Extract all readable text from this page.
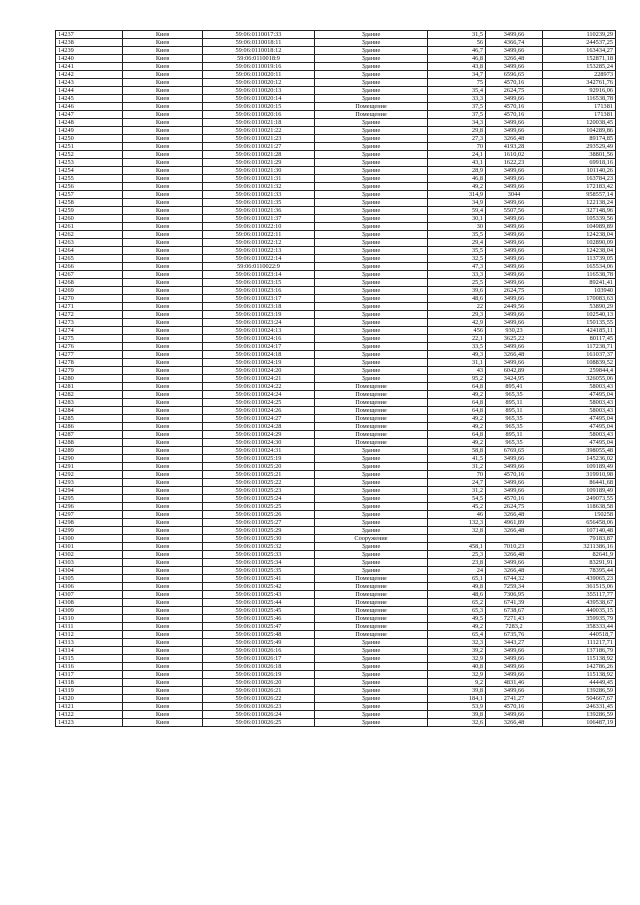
14237	Киев	59:06:0110017:33	Здание	31,5	3499,66	110239,29
14238	Киев	59:06:0110018:11	Здание	56	4366,74	244537,25
14239	Киев	59:06:0110018:12	Здание	46,7	3499,66	163434,27
14240	Киев	59:06:0110018:9	Здание	46,8	3266,48	152871,18
14241	Киев	59:06:0110019:16	Здание	43,8	3499,66	153285,24
14242	Киев	59:06:0110020:11	Здание	34,7	6596,65	228973
14243	Киев	59:06:0110020:12	Здание	75	4570,16	342761,76
14244	Киев	59:06:0110020:13	Здание	35,4	2624,75	92916,06
14245	Киев	59:06:0110020:14	Здание	33,3	3499,66	116538,78
14246	Киев	59:06:0110020:15	Помещение	37,5	4570,16	171381
14247	Киев	59:06:0110020:16	Помещение	37,5	4570,16	171381
14248	Киев	59:06:0110021:18	Здание	34,3	3499,66	120038,45
14249	Киев	59:06:0110021:22	Здание	29,8	3499,66	104289,86
14250	Киев	59:06:0110021:23	Здание	27,3	3266,48	89174,85
14251	Киев	59:06:0110021:27	Здание	70	4193,28	293529,49
14252	Киев	59:06:0110021:28	Здание	24,1	1610,02	38801,56
14253	Киев	59:06:0110021:29	Здание	43,1	1622,23	69918,16
14254	Киев	59:06:0110021:30	Здание	28,9	3499,66	101140,26
14255	Киев	59:06:0110021:31	Здание	46,8	3499,66	163784,23
14256	Киев	59:06:0110021:32	Здание	49,2	3499,66	172183,42
14257	Киев	59:06:0110021:33	Здание	314,9	3044	958557,14
14258	Киев	59:06:0110021:35	Здание	34,9	3499,66	122138,24
14259	Киев	59:06:0110021:36	Здание	59,4	5507,56	327148,96
14260	Киев	59:06:0110021:37	Здание	30,1	3499,66	105339,56
14261	Киев	59:06:0110022:10	Здание	30	3499,66	104989,89
14262	Киев	59:06:0110022:11	Здание	35,5	3499,66	124238,04
14263	Киев	59:06:0110022:12	Здание	29,4	3499,66	102890,09
14264	Киев	59:06:0110022:13	Здание	35,5	3499,66	124238,04
14265	Киев	59:06:0110022:14	Здание	32,5	3499,66	113739,05
14266	Киев	59:06:0110022:9	Здание	47,3	3499,66	165534,06
14267	Киев	59:06:0110023:14	Здание	33,3	3499,66	116538,78
14268	Киев	59:06:0110023:15	Здание	25,5	3499,66	89241,41
14269	Киев	59:06:0110023:16	Здание	39,6	2624,75	103940
14270	Киев	59:06:0110023:17	Здание	48,6	3499,66	170083,63
14271	Киев	59:06:0110023:18	Здание	22	2449,56	53890,29
14272	Киев	59:06:0110023:19	Здание	29,3	3499,66	102540,13
14273	Киев	59:06:0110023:24	Здание	42,9	3499,66	150135,55
14274	Киев	59:06:0110024:13	Здание	456	930,23	424185,11
14275	Киев	59:06:0110024:16	Здание	22,1	3625,22	80117,45
14276	Киев	59:06:0110024:17	Здание	33,5	3499,66	117238,71
14277	Киев	59:06:0110024:18	Здание	49,3	3266,48	161037,37
14278	Киев	59:06:0110024:19	Здание	31,1	3499,66	108839,52
14279	Киев	59:06:0110024:20	Здание	43	6042,89	259844,4
14280	Киев	59:06:0110024:21	Здание	95,2	3424,95	326055,06
14281	Киев	59:06:0110024:22	Помещение	64,8	895,41	58003,43
14282	Киев	59:06:0110024:24	Помещение	49,2	965,35	47495,04
14283	Киев	59:06:0110024:25	Помещение	64,8	895,11	58003,43
14284	Киев	59:06:0110024:26	Помещение	64,8	895,11	58003,43
14285	Киев	59:06:0110024:27	Помещение	49,2	965,35	47495,04
14286	Киев	59:06:0110024:28	Помещение	49,2	965,35	47495,04
14287	Киев	59:06:0110024:29	Помещение	64,8	895,11	58003,43
14288	Киев	59:06:0110024:30	Помещение	49,2	965,35	47495,04
14289	Киев	59:06:0110024:31	Здание	58,8	6769,65	398055,48
14290	Киев	59:06:0110025:19	Здание	41,5	3499,66	145236,02
14291	Киев	59:06:0110025:20	Здание	31,2	3499,66	109189,49
14292	Киев	59:06:0110025:21	Здание	70	4570,16	319910,98
14293	Киев	59:06:0110025:22	Здание	24,7	3499,66	86441,68
14294	Киев	59:06:0110025:23	Здание	31,2	3499,66	109189,49
14295	Киев	59:06:0110025:24	Здание	54,5	4570,16	249073,55
14296	Киев	59:06:0110025:25	Здание	45,2	2624,75	118638,58
14297	Киев	59:06:0110025:26	Здание	46	3266,48	150258
14298	Киев	59:06:0110025:27	Здание	132,3	4961,89	656458,06
14299	Киев	59:06:0110025:29	Здание	32,8	3266,48	107140,48
14300	Киев	59:06:0110025:30	Сооружение			79183,87
14301	Киев	59:06:0110025:32	Здание	458,1	7010,23	3211386,16
14302	Киев	59:06:0110025:33	Здание	25,3	3266,48	82641,9
14303	Киев	59:06:0110025:34	Здание	23,8	3499,66	83291,91
14304	Киев	59:06:0110025:35	Здание	24	3266,48	78395,44
14305	Киев	59:06:0110025:41	Помещение	65,1	6744,32	439065,23
14306	Киев	59:06:0110025:42	Помещение	49,8	7259,34	361515,06
14307	Киев	59:06:0110025:43	Помещение	48,6	7306,95	355117,77
14308	Киев	59:06:0110025:44	Помещение	65,2	6741,39	439538,67
14309	Киев	59:06:0110025:45	Помещение	65,3	6738,67	440035,15
14310	Киев	59:06:0110025:46	Помещение	49,5	7271,43	359935,79
14311	Киев	59:06:0110025:47	Помещение	49,2	7283,2	358333,44
14312	Киев	59:06:0110025:48	Помещение	65,4	6735,76	440518,7
14313	Киев	59:06:0110025:49	Здание	32,3	3443,27	111217,71
14314	Киев	59:06:0110026:16	Здание	39,2	3499,66	137186,79
14315	Киев	59:06:0110026:17	Здание	32,9	3499,66	115138,92
14316	Киев	59:06:0110026:18	Здание	40,8	3499,66	142786,26
14317	Киев	59:06:0110026:19	Здание	32,9	3499,66	115138,92
14318	Киев	59:06:0110026:20	Здание	9,2	4831,46	44449,45
14319	Киев	59:06:0110026:21	Здание	39,8	3499,66	139286,59
14320	Киев	59:06:0110026:22	Здание	184,1	2741,27	504667,67
14321	Киев	59:06:0110026:23	Здание	53,9	4570,16	246331,45
14322	Киев	59:06:0110026:24	Здание	39,8	3499,66	139286,59
14323	Киев	59:06:0110026:25	Здание	32,6	3266,48	106487,19
